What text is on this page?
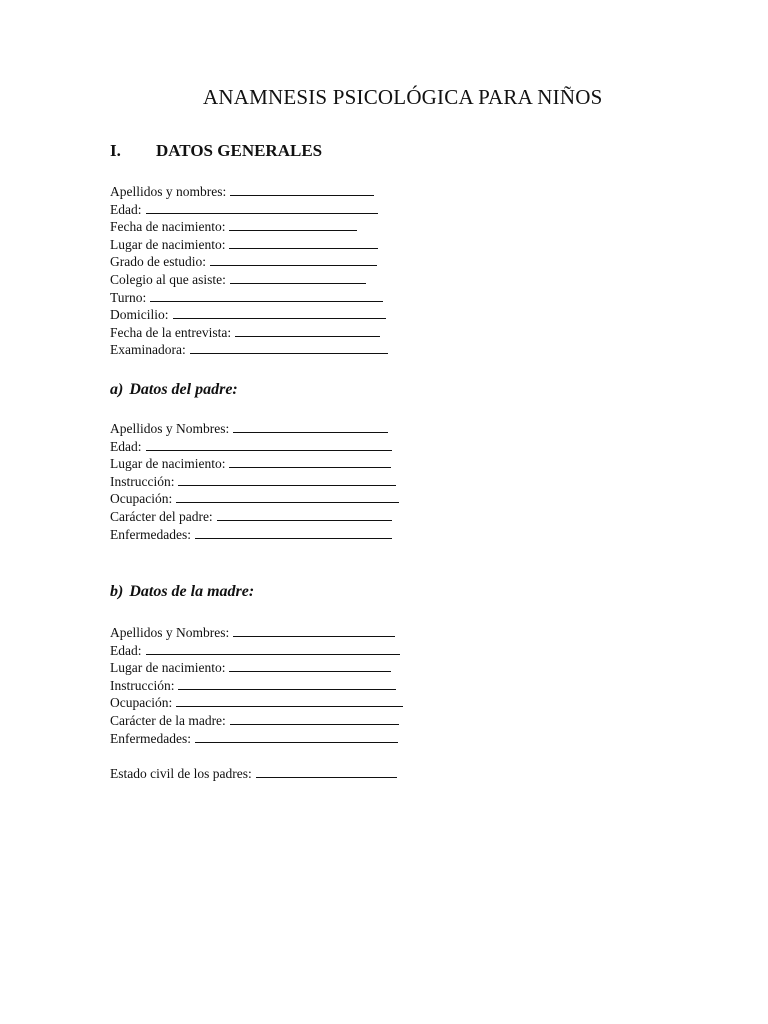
ANAMNESIS PSICOLÓGICA PARA NIÑOS
I. DATOS GENERALES
Apellidos y nombres:
Edad:
Fecha de nacimiento:
Lugar de nacimiento:
Grado de estudio:
Colegio al que asiste:
Turno:
Domicilio:
Fecha de la entrevista:
Examinadora:
a) Datos del padre:
Apellidos y Nombres:
Edad:
Lugar de nacimiento:
Instrucción:
Ocupación:
Carácter del padre:
Enfermedades:
b) Datos de la madre:
Apellidos y Nombres:
Edad:
Lugar de nacimiento:
Instrucción:
Ocupación:
Carácter de la madre:
Enfermedades:
Estado civil de los padres:
